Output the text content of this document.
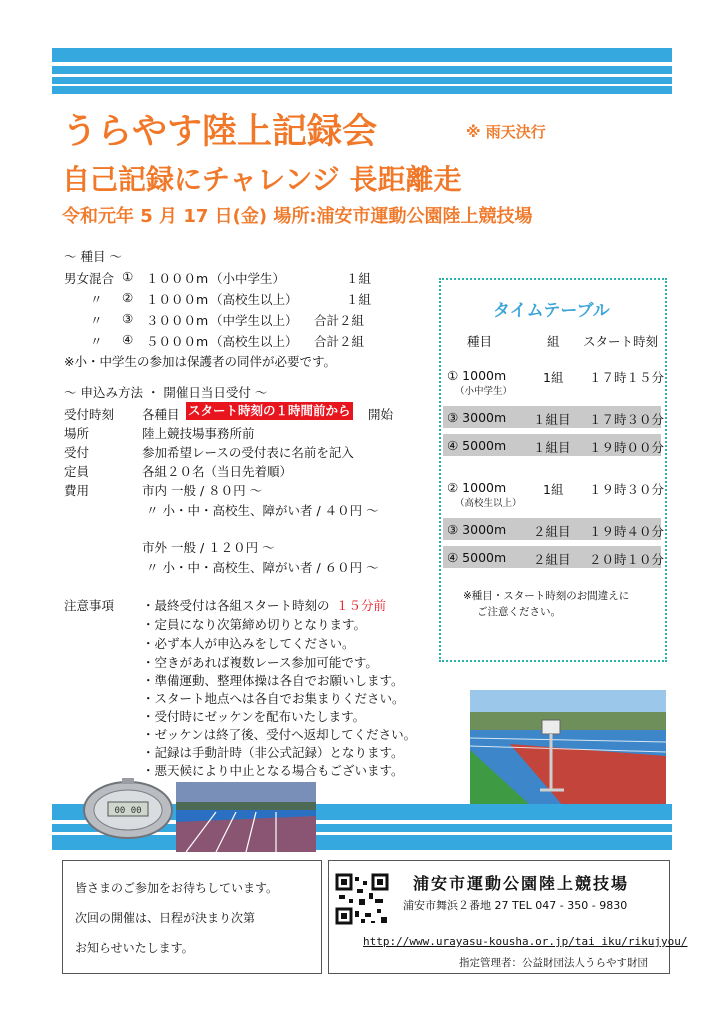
うらやす陸上記録会	※ 雨天決行
自己記録にチャレンジ 長距離走
令和元年 5 月 17 日(金) 場所:浦安市運動公園陸上競技場
～ 種目 ～
男女混合 ① １０００m （小中学生）	１組
〃 ② １０００m （高校生以上）	１組
〃 ③ ３０００m （中学生以上） 合計２組
〃 ④ ５０００m （高校生以上） 合計２組
※小・中学生の参加は保護者の同伴が必要です。
～ 申込み方法 ・ 開催日当日受付 ～
受付時刻 各種目 スタート時刻の１時間前から 開始
場所	陸上競技場事務所前
受付	参加希望レースの受付表に名前を記入
定員	各組２０名（当日先着順）
費用	市内 一般 / ８０円 ～
〃 小・中・高校生、障がい者 / ４０円 ～
市外 一般 / １２０円 ～
〃 小・中・高校生、障がい者 / ６０円 ～
注意事項 ・最終受付は各組スタート時刻の １５分前
・定員になり次第締め切りとなります。
・必ず本人が申込みをしてください。
・空きがあれば複数レース参加可能です。
・準備運動、整理体操は各自でお願いします。
・スタート地点へは各自でお集まりください。
・受付時にゼッケンを配布いたします。
・ゼッケンは終了後、受付へ返却してください。
・記録は手動計時（非公式記録）となります。
・悪天候により中止となる場合もございます。
タイムテーブル
種目	組 スタート時刻
① 1000m
（小中学生）
1組 １７時１５分
③ 3000m １組目 １７時３０分
④ 5000m １組目 １９時００分
② 1000m
（高校生以上）
1組 １９時３０分
③ 3000m ２組目 １９時４０分
④ 5000m ２組目 ２０時１０分
※種目・スタート時刻のお間違えに
ご注意ください。
00 00
皆さまのご参加をお待ちしています。
次回の開催は、日程が決まり次第
お知らせいたします。
浦安市運動公園陸上競技場
浦安市舞浜２番地 27 TEL 047 - 350 - 9830
http://www.urayasu-kousha.or.jp/tai iku/rikujyou/
指定管理者：公益財団法人うらやす財団
